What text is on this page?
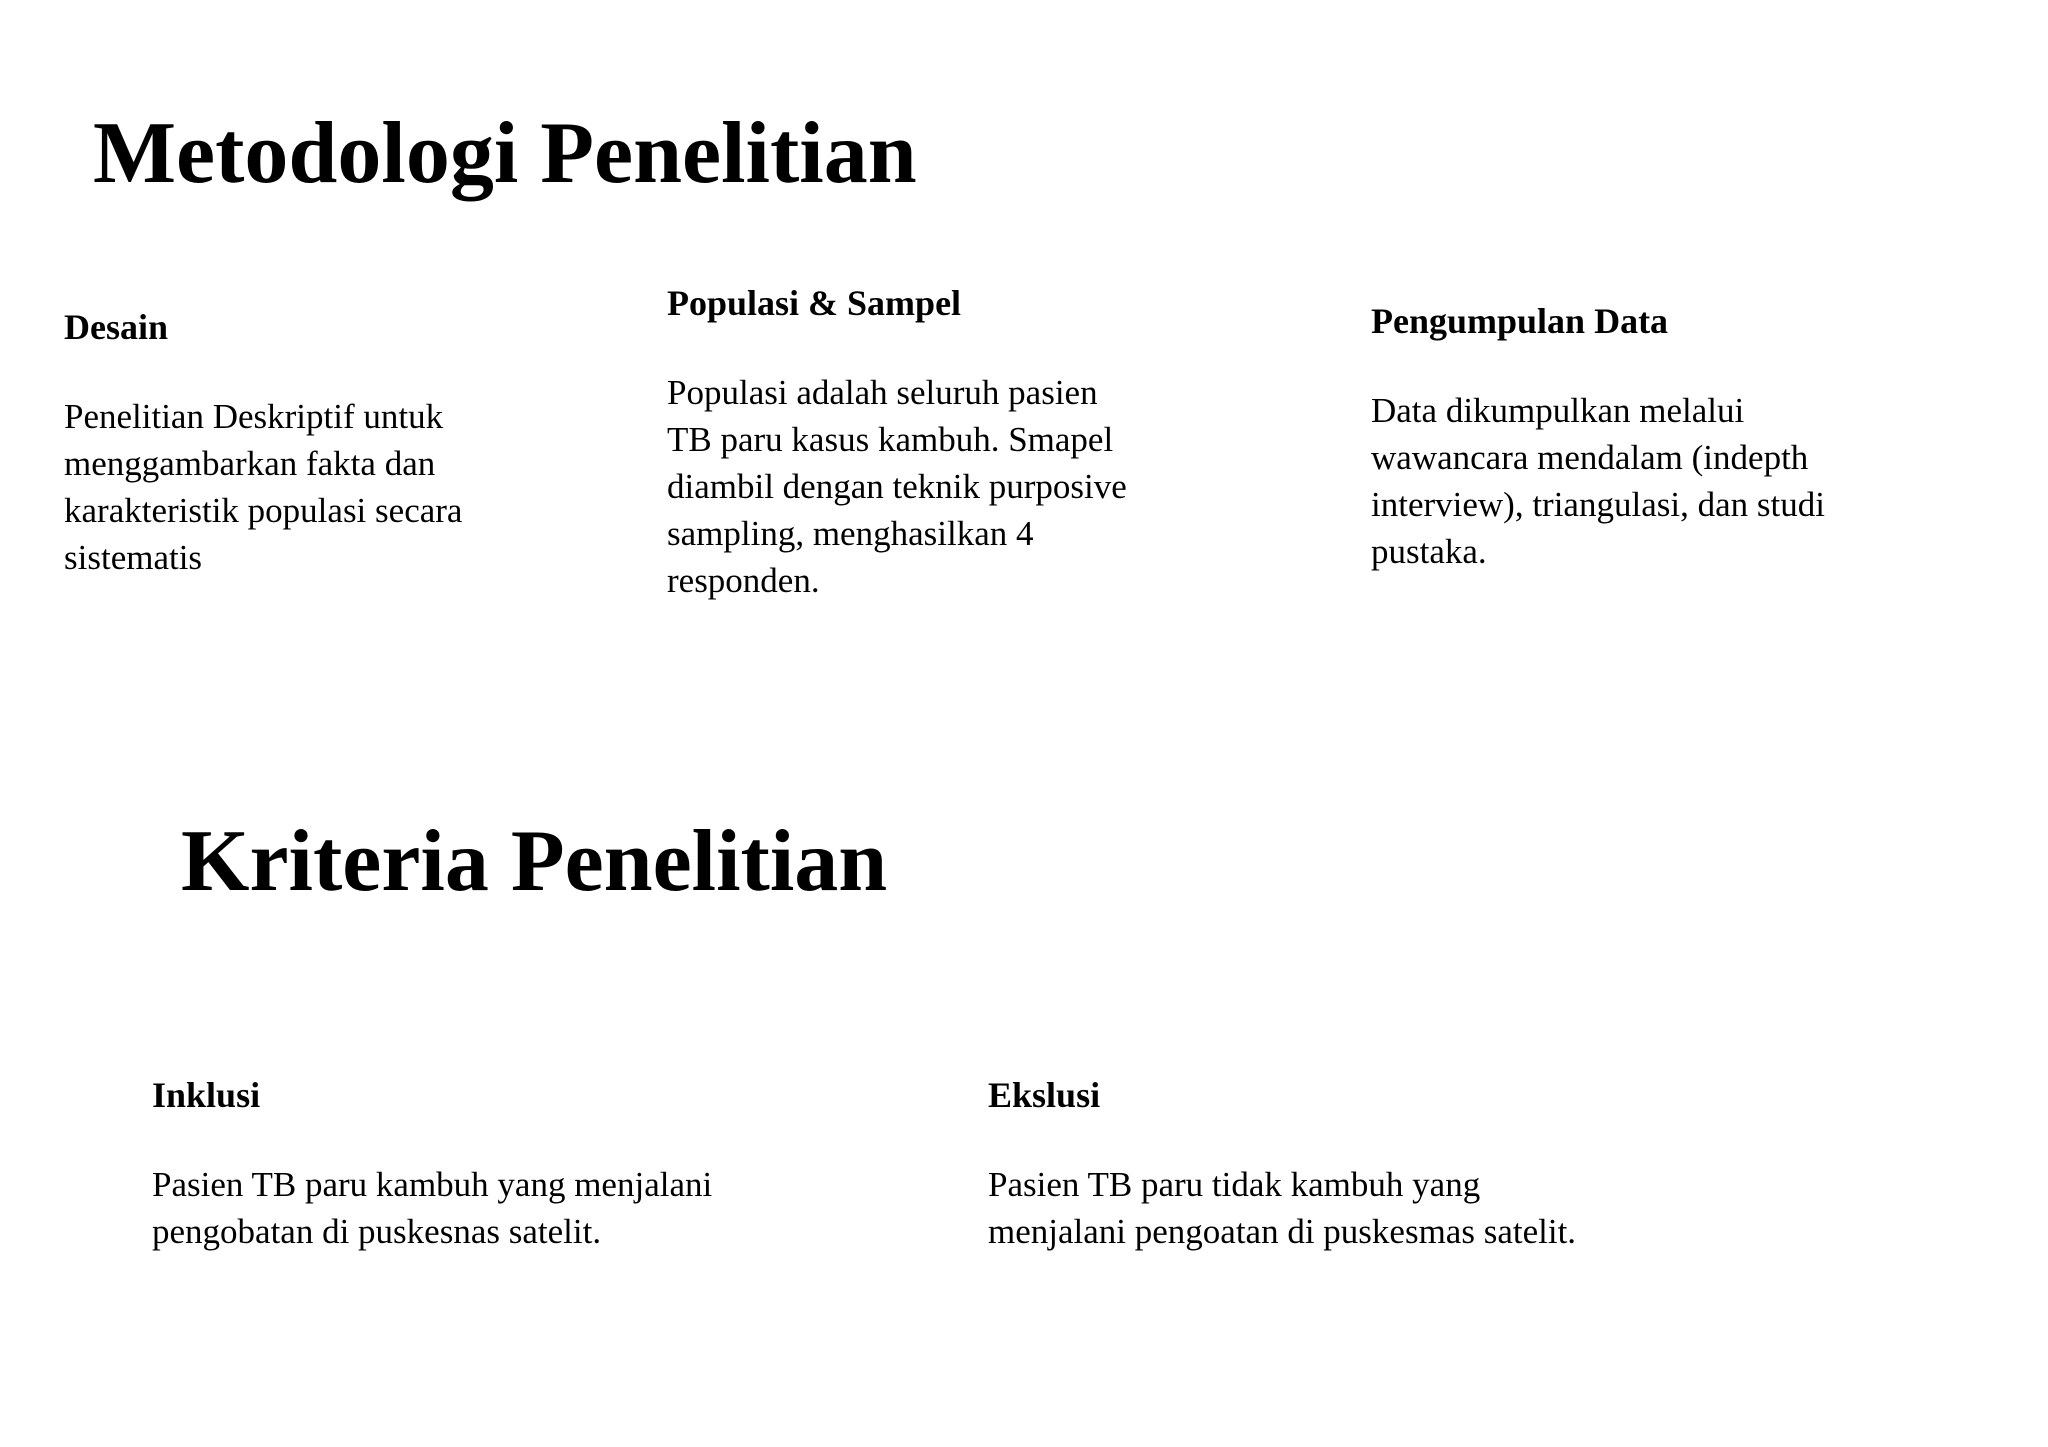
Metodologi Penelitian
Desain
Penelitian Deskriptif untuk
menggambarkan fakta dan
karakteristik populasi secara
sistematis
Populasi & Sampel
Populasi adalah seluruh pasien
TB paru kasus kambuh. Smapel
diambil dengan teknik purposive
sampling, menghasilkan 4
responden.
Pengumpulan Data
Data dikumpulkan melalui
wawancara mendalam (indepth
interview), triangulasi, dan studi
pustaka.
Kriteria Penelitian
Inklusi
Pasien TB paru kambuh yang menjalani
pengobatan di puskesnas satelit.
Ekslusi
Pasien TB paru tidak kambuh yang
menjalani pengoatan di puskesmas satelit.
